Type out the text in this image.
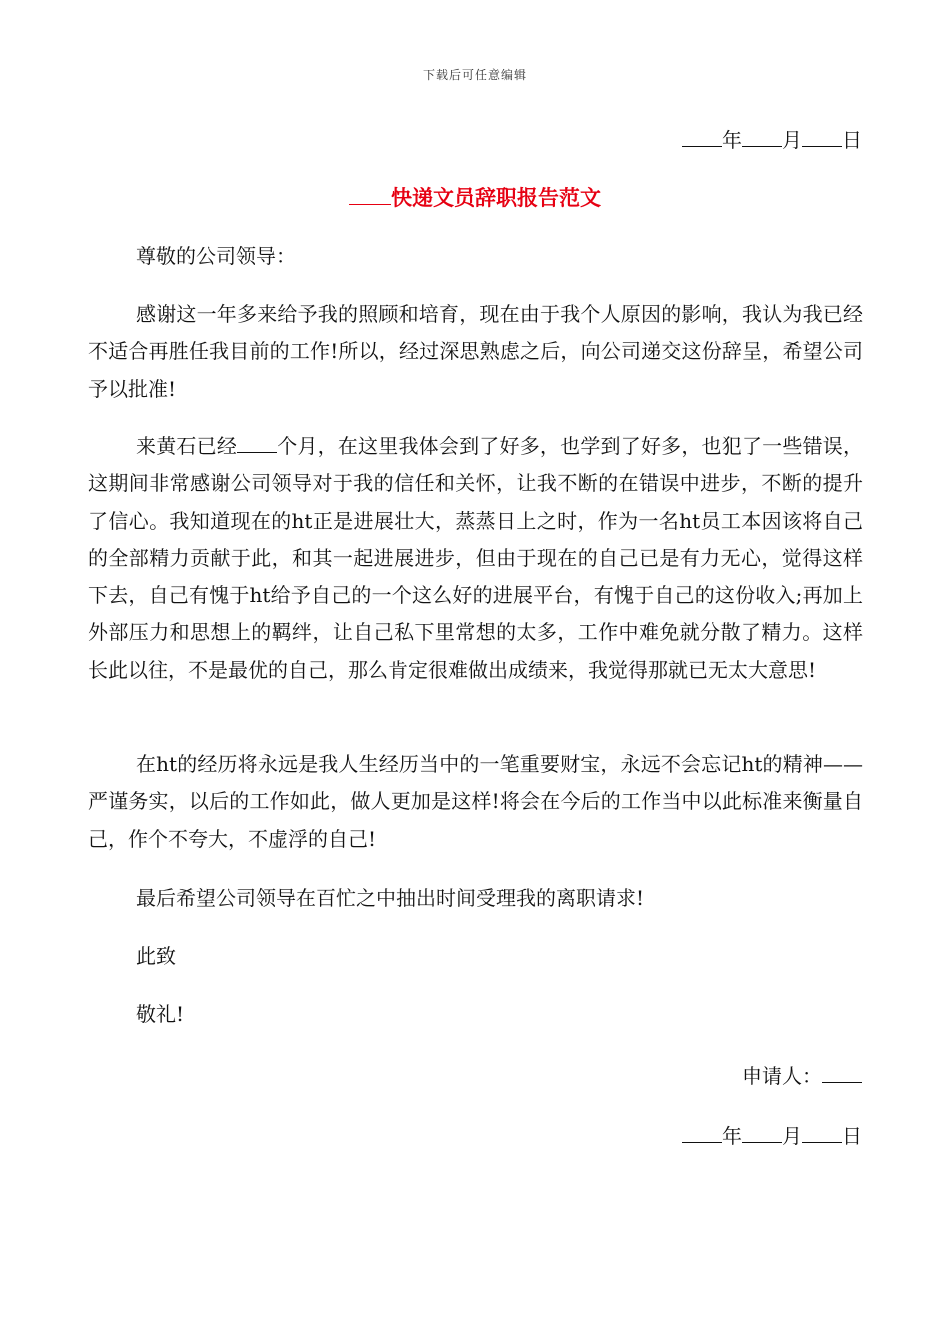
下载后可任意编辑
年 月 日
快递文员辞职报告范文
尊敬的公司领导：
感谢这一年多来给予我的照顾和培育，现在由于我个人原因的影响，我认为我已经不适合再胜任我目前的工作!所以，经过深思熟虑之后，向公司递交这份辞呈，希望公司予以批准!
来黄石已经 个月，在这里我体会到了好多，也学到了好多，也犯了一些错误，这期间非常感谢公司领导对于我的信任和关怀，让我不断的在错误中进步，不断的提升了信心。我知道现在的ht正是进展壮大，蒸蒸日上之时，作为一名ht员工本因该将自己的全部精力贡献于此，和其一起进展进步，但由于现在的自己已是有力无心，觉得这样下去，自己有愧于ht给予自己的一个这么好的进展平台，有愧于自己的这份收入;再加上外部压力和思想上的羁绊，让自己私下里常想的太多，工作中难免就分散了精力。这样长此以往，不是最优的自己，那么肯定很难做出成绩来，我觉得那就已无太大意思!
在ht的经历将永远是我人生经历当中的一笔重要财宝，永远不会忘记ht的精神——严谨务实，以后的工作如此，做人更加是这样!将会在今后的工作当中以此标准来衡量自己，作个不夸大，不虚浮的自己!
最后希望公司领导在百忙之中抽出时间受理我的离职请求!
此致
敬礼!
申请人：
年 月 日
